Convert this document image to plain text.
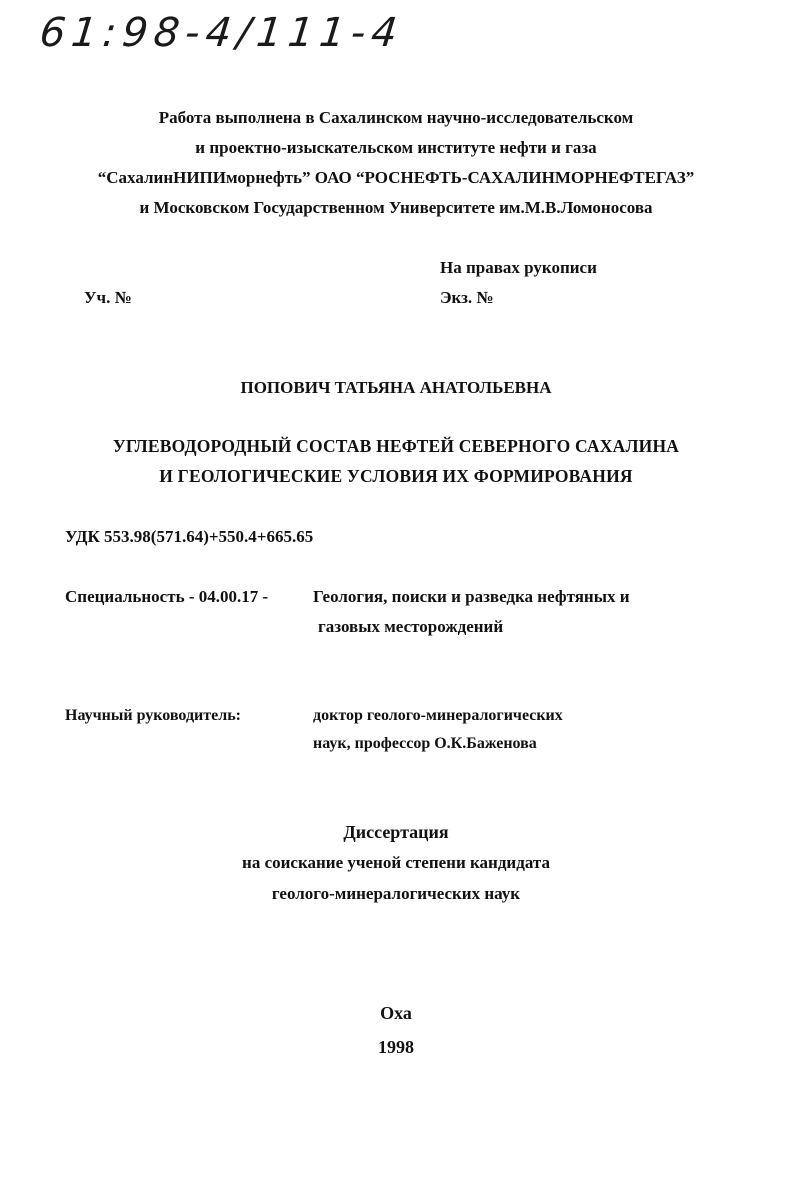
61:98-4/111-4
Работа выполнена в Сахалинском научно-исследовательском
и проектно-изыскательском институте нефти и газа
“СахалинНИПИморнефть” ОАО “РОСНЕФТЬ-САХАЛИНМОРНЕФТЕГАЗ”
и Московском Государственном Университете им.М.В.Ломоносова
На правах рукописи
Уч. №	Экз. №
ПОПОВИЧ ТАТЬЯНА АНАТОЛЬЕВНА
УГЛЕВОДОРОДНЫЙ СОСТАВ НЕФТЕЙ СЕВЕРНОГО САХАЛИНА
И ГЕОЛОГИЧЕСКИЕ УСЛОВИЯ ИХ ФОРМИРОВАНИЯ
УДК 553.98(571.64)+550.4+665.65
Специальность - 04.00.17 -	Геология, поиски и разведка нефтяных и
газовых месторождений
Научный руководитель:	доктор геолого-минералогических
наук, профессор О.К.Баженова
Диссертация
на соискание ученой степени кандидата
геолого-минералогических наук
Оха
1998
